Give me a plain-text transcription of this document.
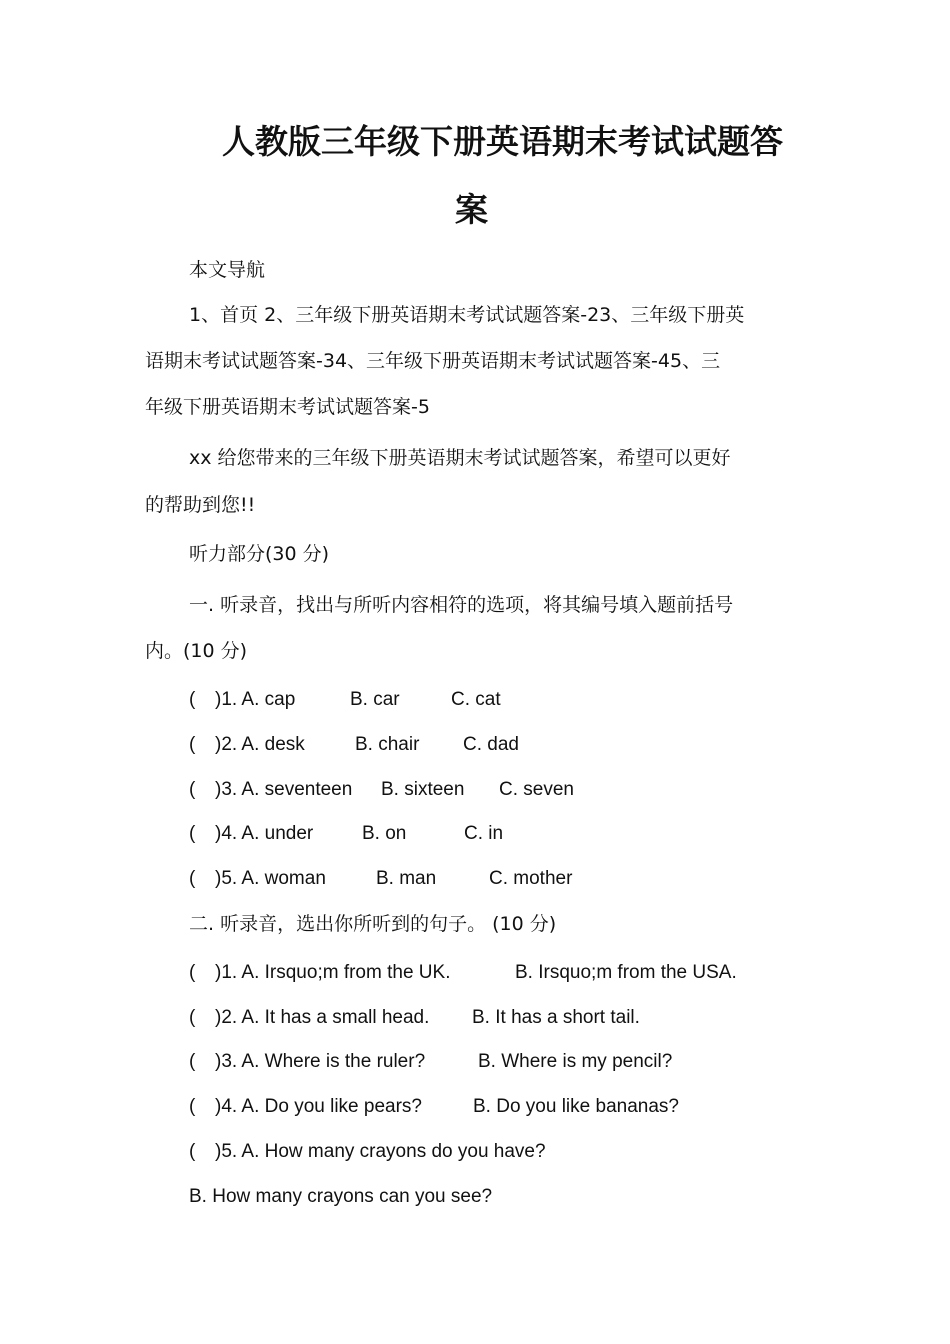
人教版三年级下册英语期末考试试题答
案
本文导航
1、首页 2、三年级下册英语期末考试试题答案-23、三年级下册英
语期末考试试题答案-34、三年级下册英语期末考试试题答案-45、三
年级下册英语期末考试试题答案-5
xx 给您带来的三年级下册英语期末考试试题答案，希望可以更好
的帮助到您!!
听力部分(30 分)
一. 听录音，找出与所听内容相符的选项，将其编号填入题前括号
内。(10 分)
( )1. A. cap	B. car	C. cat
( )2. A. desk	B. chair C. dad
( )3. A. seventeen B. sixteen C. seven
( )4. A. under	B. on	C. in
( )5. A. woman	B. man	C. mother
二. 听录音，选出你所听到的句子。 (10 分)
( )1. A. Irsquo;m from the UK.	B. Irsquo;m from the USA.
( )2. A. It has a small head. B. It has a short tail.
( )3. A. Where is the ruler?	B. Where is my pencil?
( )4. A. Do you like pears?	B. Do you like bananas?
( )5. A. How many crayons do you have?
B. How many crayons can you see?
